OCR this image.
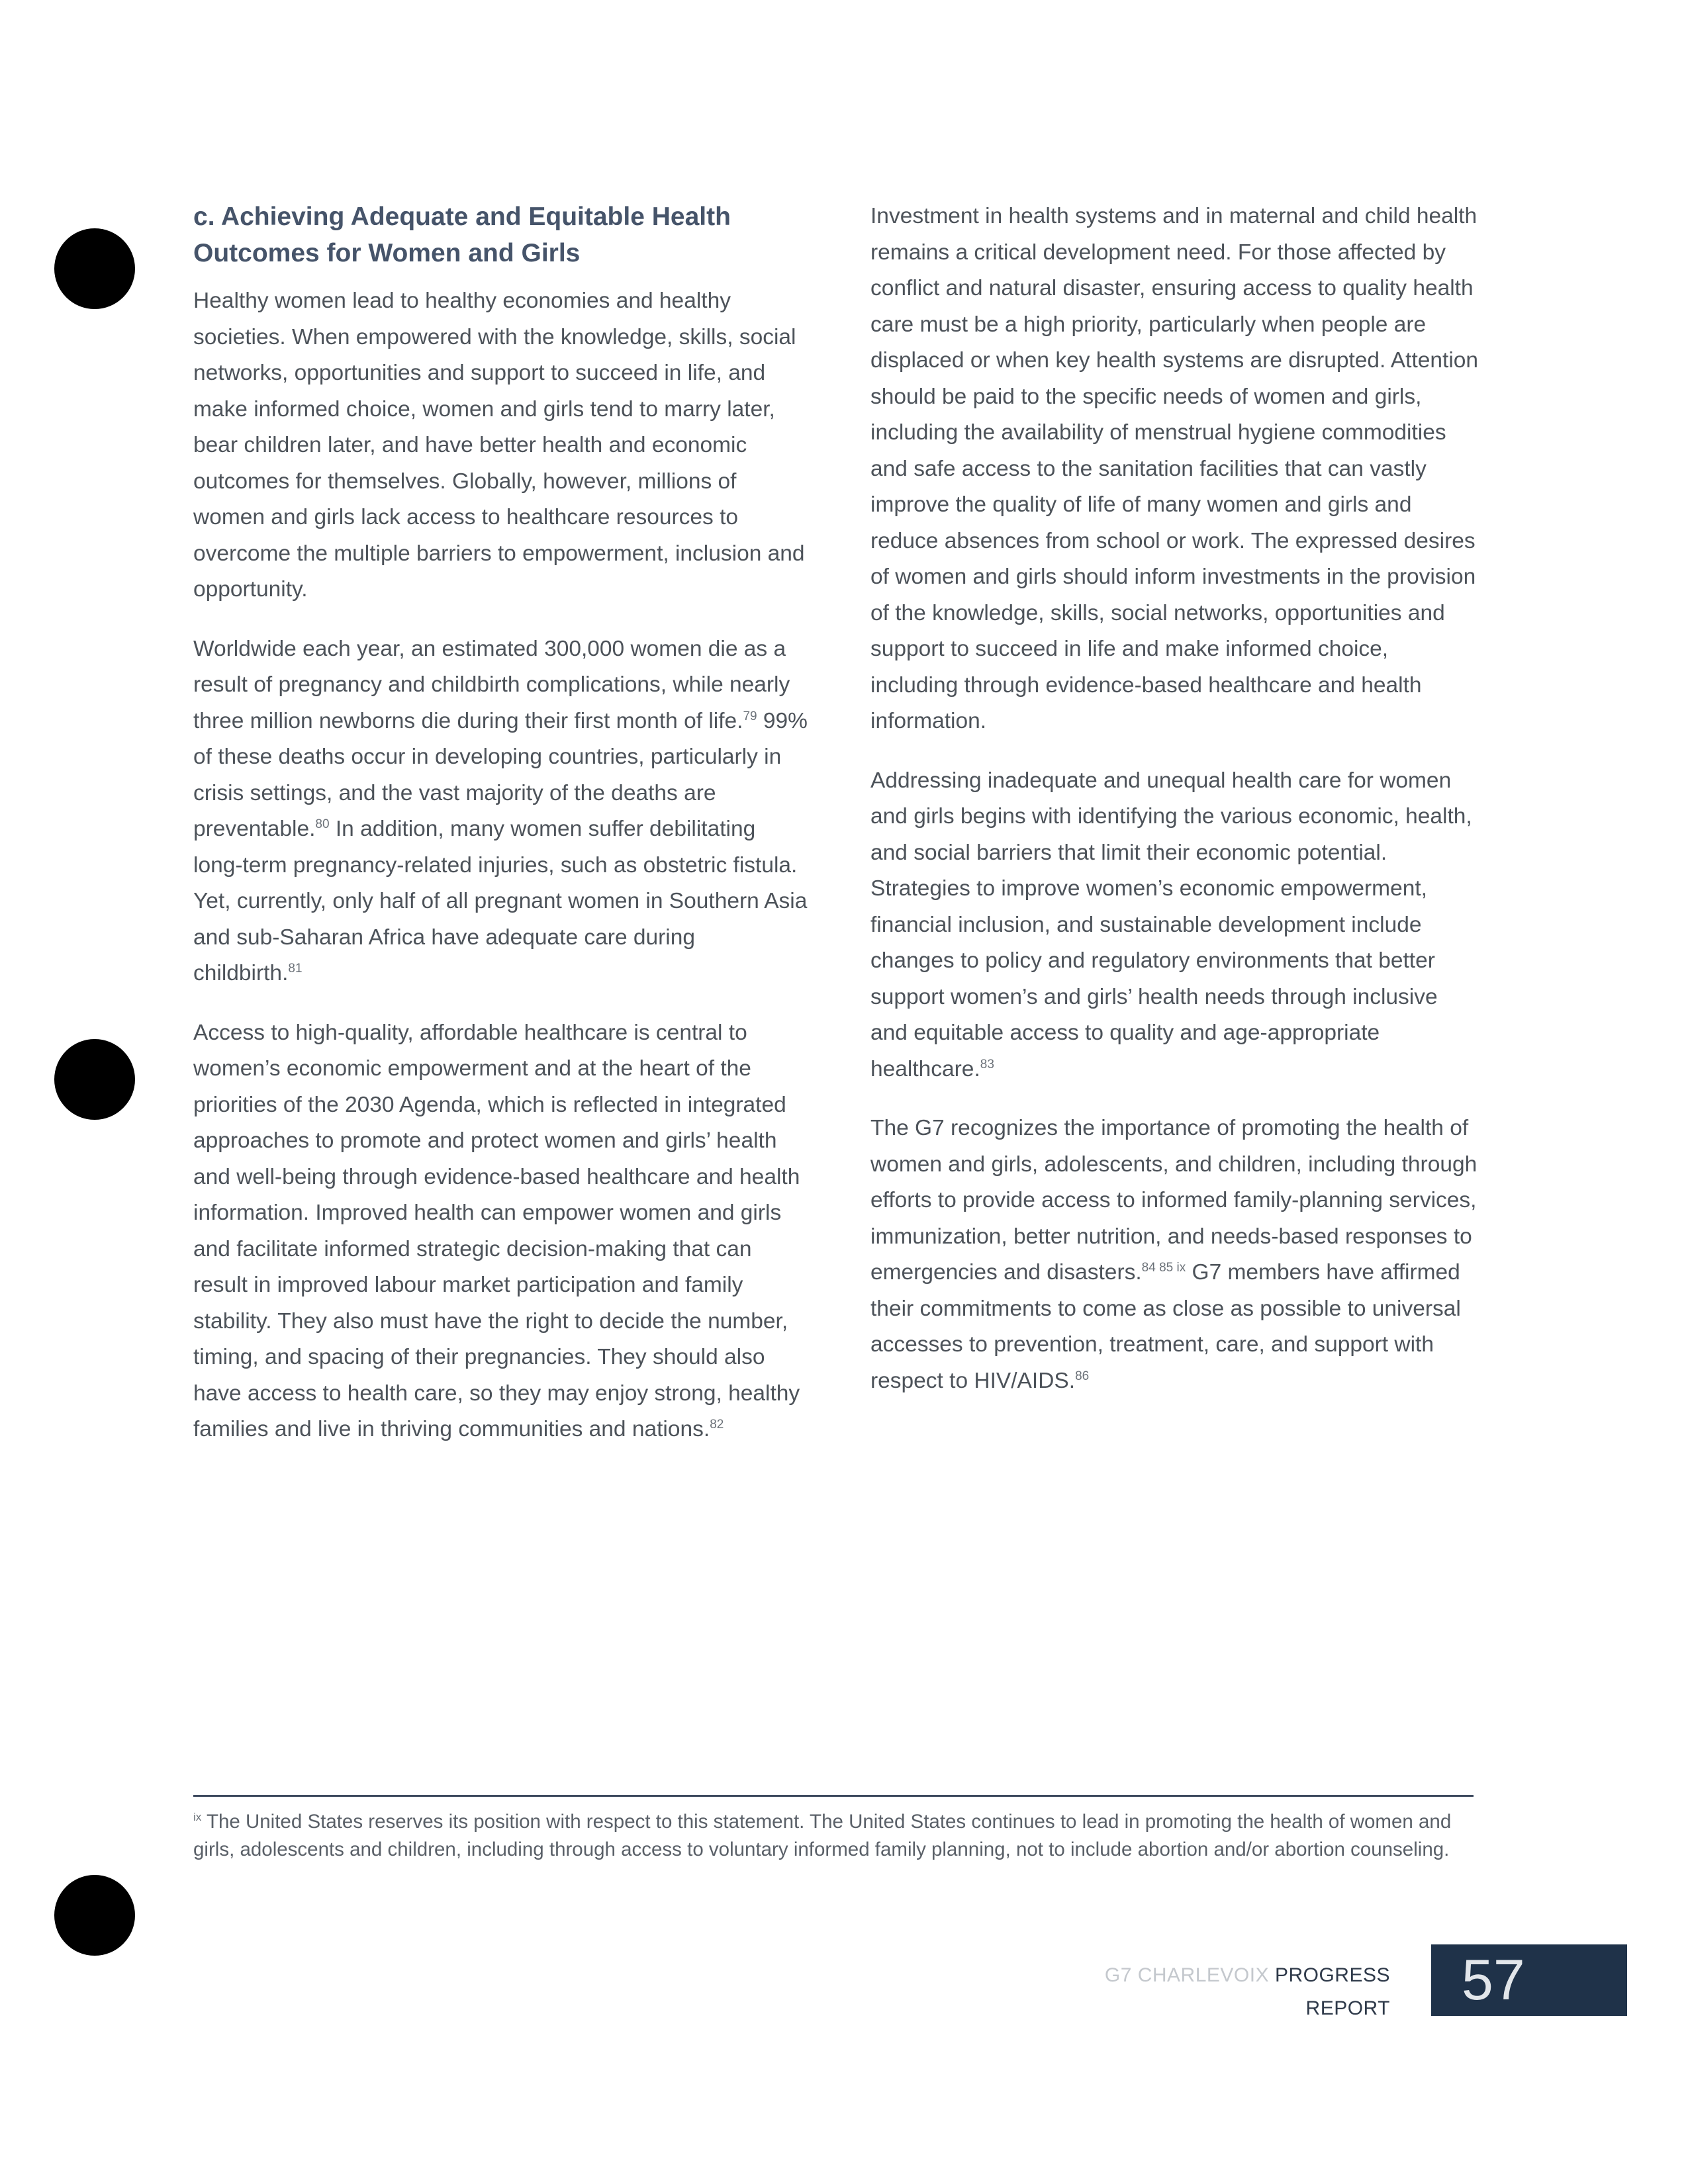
c. Achieving Adequate and Equitable Health Outcomes for Women and Girls

Healthy women lead to healthy economies and healthy societies. When empowered with the knowledge, skills, social networks, opportunities and support to succeed in life, and make informed choice, women and girls tend to marry later, bear children later, and have better health and economic outcomes for themselves. Globally, however, millions of women and girls lack access to healthcare resources to overcome the multiple barriers to empowerment, inclusion and opportunity.

Worldwide each year, an estimated 300,000 women die as a result of pregnancy and childbirth complications, while nearly three million newborns die during their first month of life.$^{79}$ 99% of these deaths occur in developing countries, particularly in crisis settings, and the vast majority of the deaths are preventable.$^{80}$ In addition, many women suffer debilitating long-term pregnancy-related injuries, such as obstetric fistula. Yet, currently, only half of all pregnant women in Southern Asia and sub-Saharan Africa have adequate care during childbirth.$^{81}$

Access to high-quality, affordable healthcare is central to women’s economic empowerment and at the heart of the priorities of the 2030 Agenda, which is reflected in integrated approaches to promote and protect women and girls’ health and well-being through evidence-based healthcare and health information. Improved health can empower women and girls and facilitate informed strategic decision-making that can result in improved labour market participation and family stability. They also must have the right to decide the number, timing, and spacing of their pregnancies. They should also have access to health care, so they may enjoy strong, healthy families and live in thriving communities and nations.$^{82}$

Investment in health systems and in maternal and child health remains a critical development need. For those affected by conflict and natural disaster, ensuring access to quality health care must be a high priority, particularly when people are displaced or when key health systems are disrupted. Attention should be paid to the specific needs of women and girls, including the availability of menstrual hygiene commodities and safe access to the sanitation facilities that can vastly improve the quality of life of many women and girls and reduce absences from school or work. The expressed desires of women and girls should inform investments in the provision of the knowledge, skills, social networks, opportunities and support to succeed in life and make informed choice, including through evidence-based healthcare and health information.

Addressing inadequate and unequal health care for women and girls begins with identifying the various economic, health, and social barriers that limit their economic potential. Strategies to improve women’s economic empowerment, financial inclusion, and sustainable development include changes to policy and regulatory environments that better support women’s and girls’ health needs through inclusive and equitable access to quality and age-appropriate healthcare.$^{83}$

The G7 recognizes the importance of promoting the health of women and girls, adolescents, and children, including through efforts to provide access to informed family-planning services, immunization, better nutrition, and needs-based responses to emergencies and disasters.$^{84 85 ix}$ G7 members have affirmed their commitments to come as close as possible to universal accesses to prevention, treatment, care, and support with respect to HIV/AIDS.$^{86}$

$^{ix}$ The United States reserves its position with respect to this statement. The United States continues to lead in promoting the health of women and girls, adolescents and children, including through access to voluntary informed family planning, not to include abortion and/or abortion counseling.
G7 CHARLEVOIX PROGRESS REPORT 57
